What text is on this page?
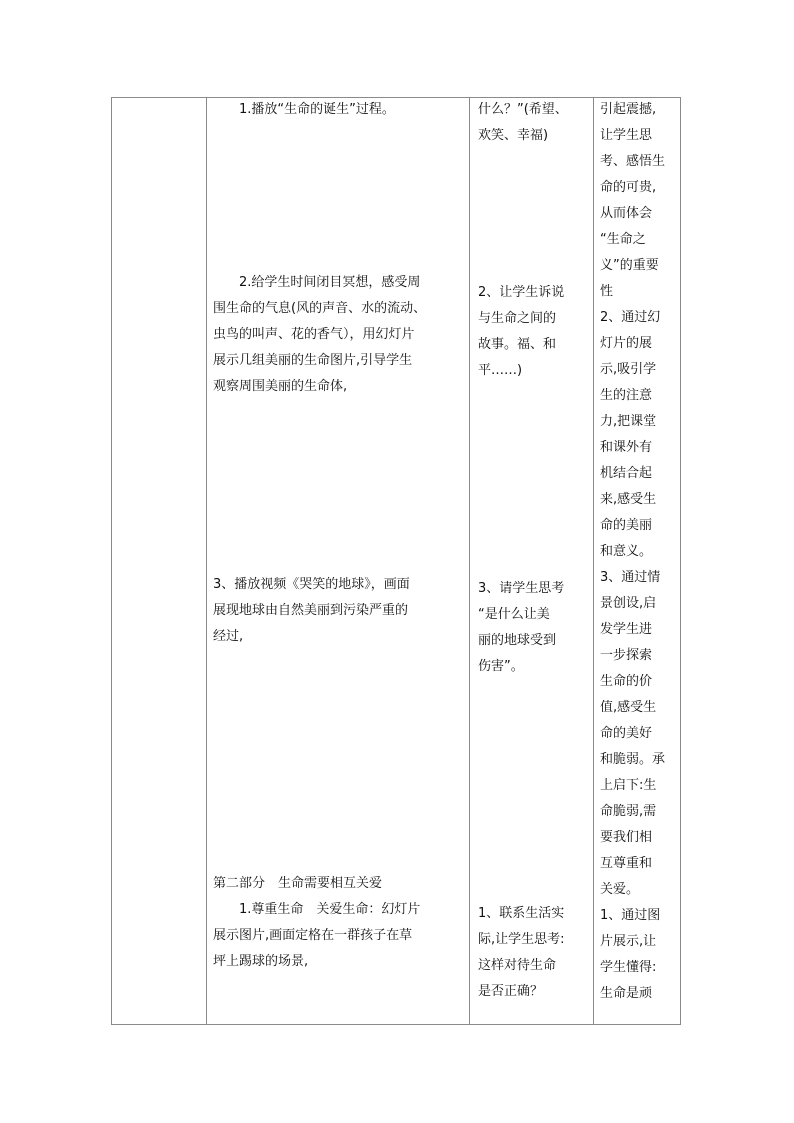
　　1.播放“生命的诞生”过程。
　　2.给学生时间闭目冥想，感受周
围生命的气息(风的声音、水的流动、
虫鸟的叫声、花的香气），用幻灯片
展示几组美丽的生命图片,引导学生
观察周围美丽的生命体,
3、播放视频《哭笑的地球》，画面
展现地球由自然美丽到污染严重的
经过,
第二部分　生命需要相互关爱
　　1.尊重生命　关爱生命：幻灯片
展示图片,画面定格在一群孩子在草
坪上踢球的场景,
什么？”(希望、
欢笑、幸福)
2、让学生诉说
与生命之间的
故事。福、和
平……)
3、请学生思考
“是什么让美
丽的地球受到
伤害”。
1、联系生活实
际,让学生思考:
这样对待生命
是否正确？
引起震撼,
让学生思
考、感悟生
命的可贵,
从而体会
“生命之
义”的重要
性
2、通过幻
灯片的展
示,吸引学
生的注意
力,把课堂
和课外有
机结合起
来,感受生
命的美丽
和意义。
3、通过情
景创设,启
发学生进
一步探索
生命的价
值,感受生
命的美好
和脆弱。承
上启下:生
命脆弱,需
要我们相
互尊重和
关爱。
1、通过图
片展示,让
学生懂得:
生命是顽
